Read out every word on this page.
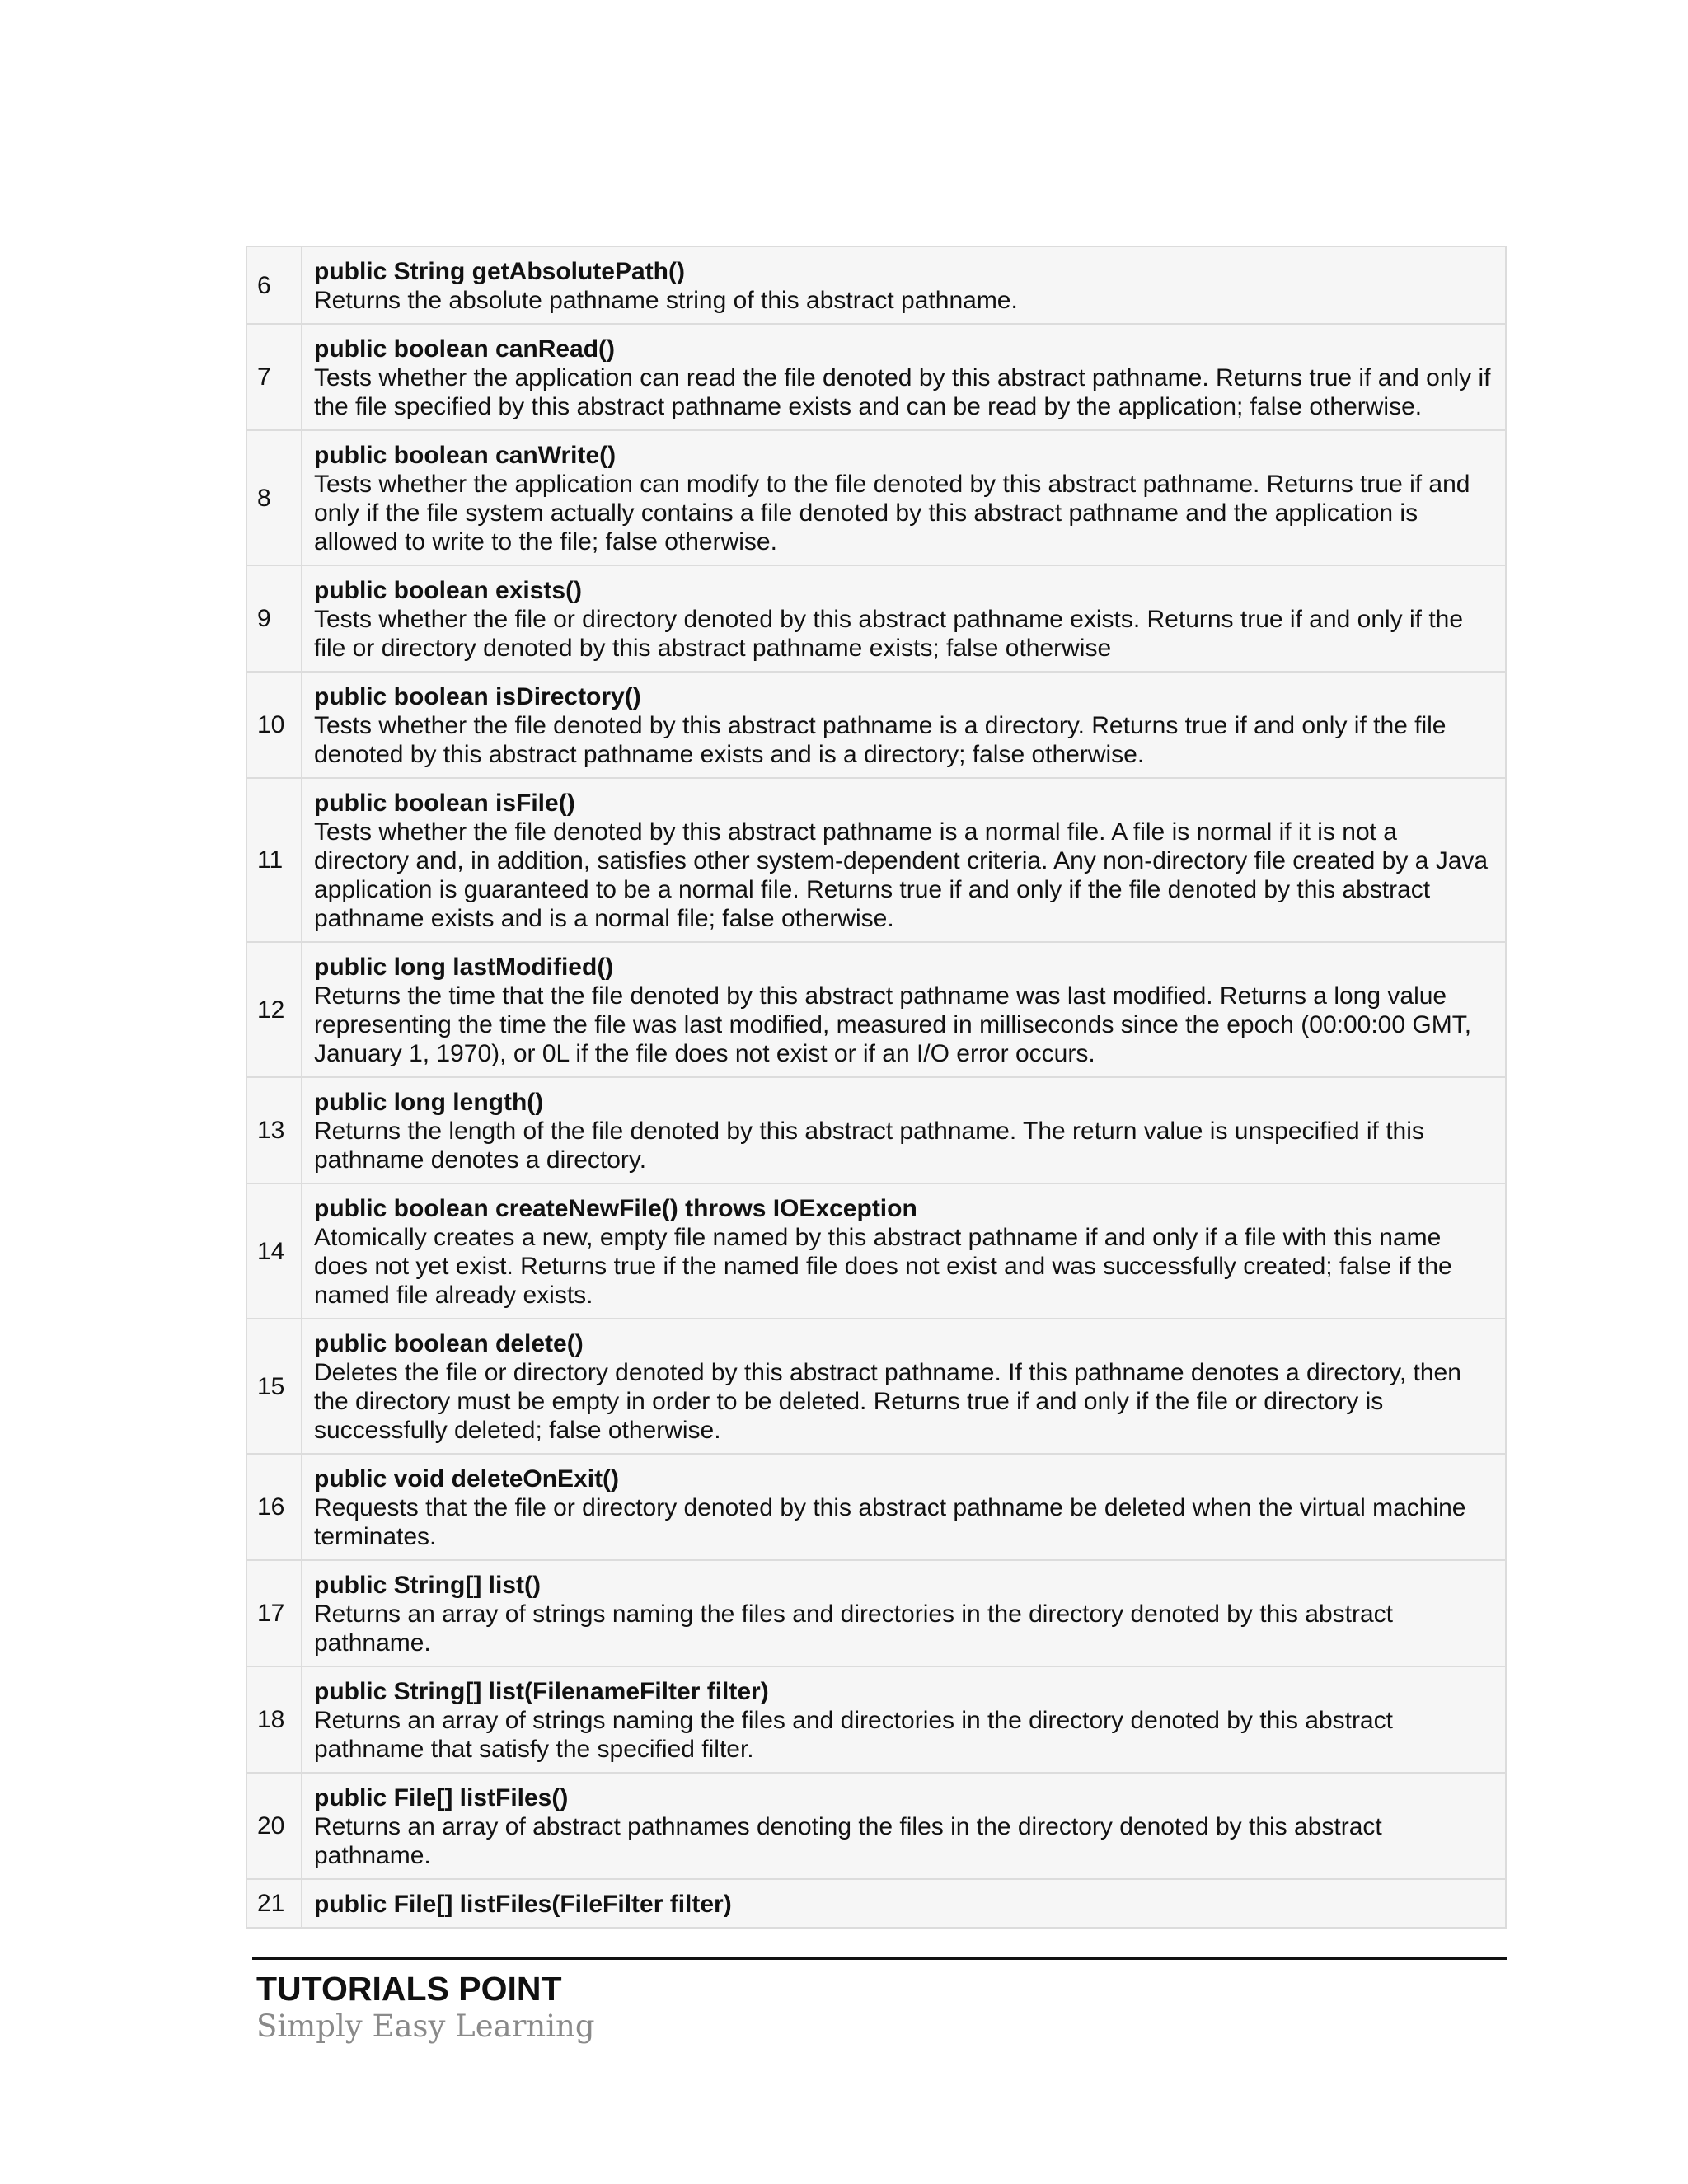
6	public String getAbsolutePath()
Returns the absolute pathname string of this abstract pathname.

7	public boolean canRead()
Tests whether the application can read the file denoted by this abstract pathname. Returns true if and only if the file specified by this abstract pathname exists and can be read by the application; false otherwise.

8	public boolean canWrite()
Tests whether the application can modify to the file denoted by this abstract pathname. Returns true if and only if the file system actually contains a file denoted by this abstract pathname and the application is allowed to write to the file; false otherwise.

9	public boolean exists()
Tests whether the file or directory denoted by this abstract pathname exists. Returns true if and only if the file or directory denoted by this abstract pathname exists; false otherwise

10	public boolean isDirectory()
Tests whether the file denoted by this abstract pathname is a directory. Returns true if and only if the file denoted by this abstract pathname exists and is a directory; false otherwise.

11	public boolean isFile()
Tests whether the file denoted by this abstract pathname is a normal file. A file is normal if it is not a directory and, in addition, satisfies other system-dependent criteria. Any non-directory file created by a Java application is guaranteed to be a normal file. Returns true if and only if the file denoted by this abstract pathname exists and is a normal file; false otherwise.

12	public long lastModified()
Returns the time that the file denoted by this abstract pathname was last modified. Returns a long value representing the time the file was last modified, measured in milliseconds since the epoch (00:00:00 GMT, January 1, 1970), or 0L if the file does not exist or if an I/O error occurs.

13	public long length()
Returns the length of the file denoted by this abstract pathname. The return value is unspecified if this pathname denotes a directory.

14	public boolean createNewFile() throws IOException
Atomically creates a new, empty file named by this abstract pathname if and only if a file with this name does not yet exist. Returns true if the named file does not exist and was successfully created; false if the named file already exists.

15	public boolean delete()
Deletes the file or directory denoted by this abstract pathname. If this pathname denotes a directory, then the directory must be empty in order to be deleted. Returns true if and only if the file or directory is successfully deleted; false otherwise.

16	public void deleteOnExit()
Requests that the file or directory denoted by this abstract pathname be deleted when the virtual machine terminates.

17	public String[] list()
Returns an array of strings naming the files and directories in the directory denoted by this abstract pathname.

18	public String[] list(FilenameFilter filter)
Returns an array of strings naming the files and directories in the directory denoted by this abstract pathname that satisfy the specified filter.

20	public File[] listFiles()
Returns an array of abstract pathnames denoting the files in the directory denoted by this abstract pathname.

21	public File[] listFiles(FileFilter filter)
TUTORIALS POINT
Simply Easy Learning
